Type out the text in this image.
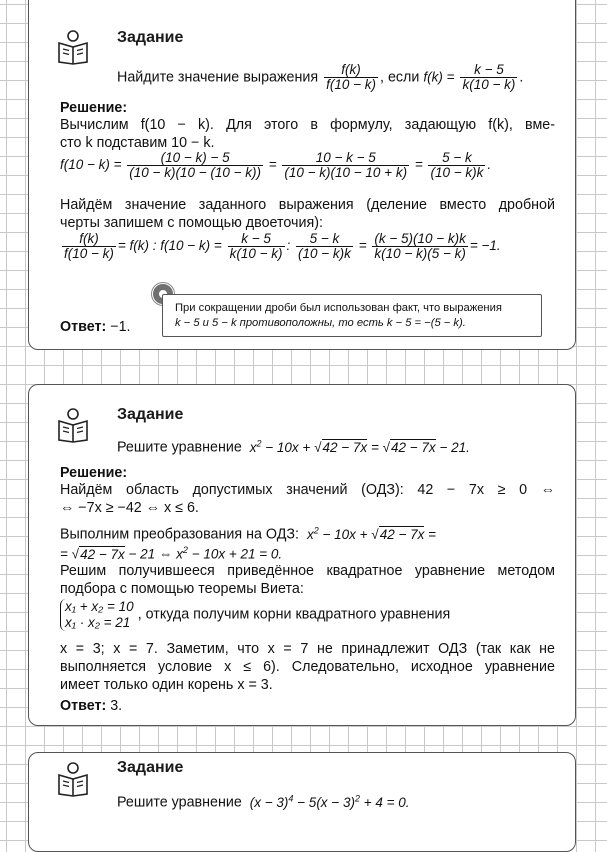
Задание
Найдите значение выражения $\frac{f(k)}{f(10 - k)}$ , если $f(k) = \frac{k - 5}{k(10 - k)}$ .
Решение:
Вычислим f(10 − k). Для этого в формулу, задающую f(k), вме-
сто k подставим 10 − k.
$f(10 - k) = \frac{(10 - k) - 5}{(10 - k)(10 - (10 - k))} = \frac{10 - k - 5}{(10 - k)(10 - 10 + k)} = \frac{5 - k}{(10 - k)k}$ .
Найдём значение заданного выражения (деление вместо дробной
черты запишем с помощью двоеточия):
$\frac{f(k)}{f(10 - k)} = f(k)$ : $f(10 - k) = \frac{k - 5}{k(10 - k)}$ : $\frac{5 - k}{(10 - k)k} = \frac{(k - 5)(10 - k)k}{k(10 - k)(5 - k)} = -1$.
При сокращении дроби был использован факт, что выражения
k − 5 и 5 − k противоположны, то есть k − 5 = −(5 − k).
Ответ: −1.
Задание
Решите уравнение $x^2 - 10x + √42 - 7x = √42 - 7x - 21$.
Решение:
Найдём область допустимых значений (ОДЗ): 42 − 7x ≥ 0 ⇔
⇔ −7x ≥ −42 ⇔ x ≤ 6.
Выполним преобразования на ОДЗ: $x^2 - 10x + √42 - 7x$ =
= √42 − 7x − 21 ⇔ $x^2 - 10x + 21 = 0$.
Решим получившееся приведённое квадратное уравнение методом
подбора с помощью теоремы Виета:
x₁ + x₂ = 10
x₁ · x₂ = 21 , откуда получим корни квадратного уравнения
x = 3; x = 7. Заметим, что x = 7 не принадлежит ОДЗ (так как не
выполняется условие x ≤ 6). Следовательно, исходное уравнение
имеет только один корень x = 3.
Ответ: 3.
Задание
Решите уравнение $(x - 3)^4 - 5(x - 3)^2 + 4 = 0$.
